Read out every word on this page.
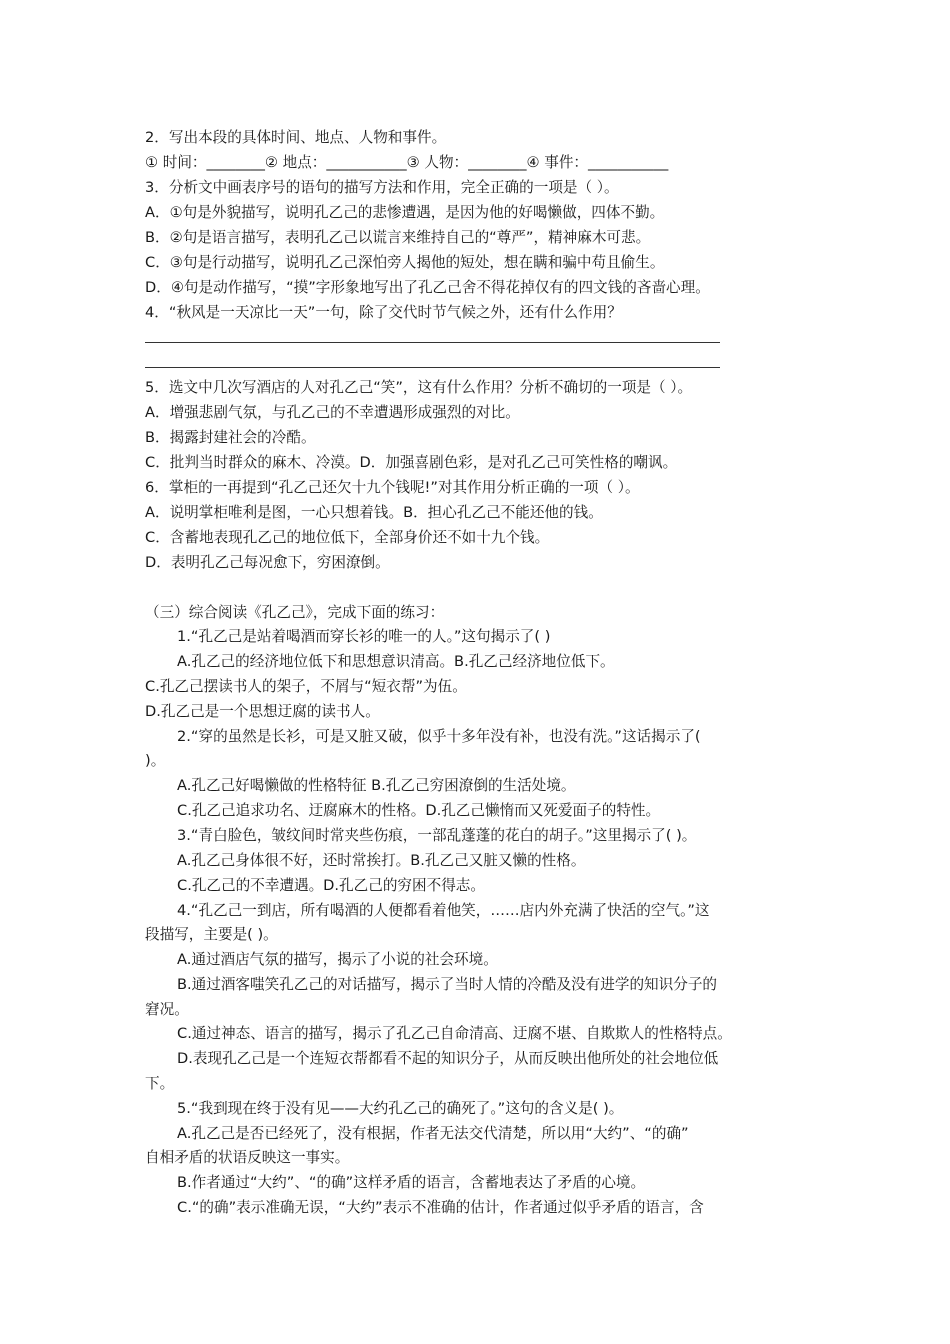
2．写出本段的具体时间、地点、人物和事件。
① 时间：________② 地点：___________③ 人物：________④ 事件：___________
3．分析文中画表序号的语句的描写方法和作用，完全正确的一项是（ ）。
A．①句是外貌描写，说明孔乙己的悲惨遭遇，是因为他的好喝懒做，四体不勤。
B．②句是语言描写，表明孔乙己以谎言来维持自己的“尊严”，精神麻木可悲。
C．③句是行动描写，说明孔乙己深怕旁人揭他的短处，想在瞒和骗中苟且偷生。
D．④句是动作描写，“摸”字形象地写出了孔乙己舍不得花掉仅有的四文钱的吝啬心理。
4．“秋风是一天凉比一天”一句，除了交代时节气候之外，还有什么作用？
5．选文中几次写酒店的人对孔乙己“笑”，这有什么作用？分析不确切的一项是（ ）。
A．增强悲剧气氛，与孔乙己的不幸遭遇形成强烈的对比。
B．揭露封建社会的冷酷。
C．批判当时群众的麻木、冷漠。D．加强喜剧色彩，是对孔乙己可笑性格的嘲讽。
6．掌柜的一再提到“孔乙己还欠十九个钱呢!”对其作用分析正确的一项（ ）。
A．说明掌柜唯利是图，一心只想着钱。B．担心孔乙己不能还他的钱。
C．含蓄地表现孔乙己的地位低下，全部身价还不如十九个钱。
D．表明孔乙己每况愈下，穷困潦倒。
（三）综合阅读《孔乙己》，完成下面的练习：
1.“孔乙己是站着喝酒而穿长衫的唯一的人。”这句揭示了( )
A.孔乙己的经济地位低下和思想意识清高。B.孔乙己经济地位低下。
C.孔乙己摆读书人的架子，不屑与“短衣帮”为伍。
D.孔乙己是一个思想迂腐的读书人。
2.“穿的虽然是长衫，可是又脏又破，似乎十多年没有补，也没有洗。”这话揭示了(
)。
A.孔乙己好喝懒做的性格特征 B.孔乙己穷困潦倒的生活处境。
C.孔乙己追求功名、迂腐麻木的性格。D.孔乙己懒惰而又死爱面子的特性。
3.“青白脸色，皱纹间时常夹些伤痕，一部乱蓬蓬的花白的胡子。”这里揭示了( )。
A.孔乙己身体很不好，还时常挨打。B.孔乙己又脏又懒的性格。
C.孔乙己的不幸遭遇。D.孔乙己的穷困不得志。
4.“孔乙己一到店，所有喝酒的人便都看着他笑，……店内外充满了快活的空气。”这
段描写，主要是( )。
A.通过酒店气氛的描写，揭示了小说的社会环境。
B.通过酒客嗤笑孔乙己的对话描写，揭示了当时人情的冷酷及没有进学的知识分子的
窘况。
C.通过神态、语言的描写，揭示了孔乙己自命清高、迂腐不堪、自欺欺人的性格特点。
D.表现孔乙己是一个连短衣帮都看不起的知识分子，从而反映出他所处的社会地位低
下。
5.“我到现在终于没有见——大约孔乙己的确死了。”这句的含义是( )。
A.孔乙己是否已经死了，没有根据，作者无法交代清楚，所以用“大约”、“的确”
自相矛盾的状语反映这一事实。
B.作者通过“大约”、“的确”这样矛盾的语言，含蓄地表达了矛盾的心境。
C.“的确”表示准确无误，“大约”表示不准确的估计，作者通过似乎矛盾的语言，含
